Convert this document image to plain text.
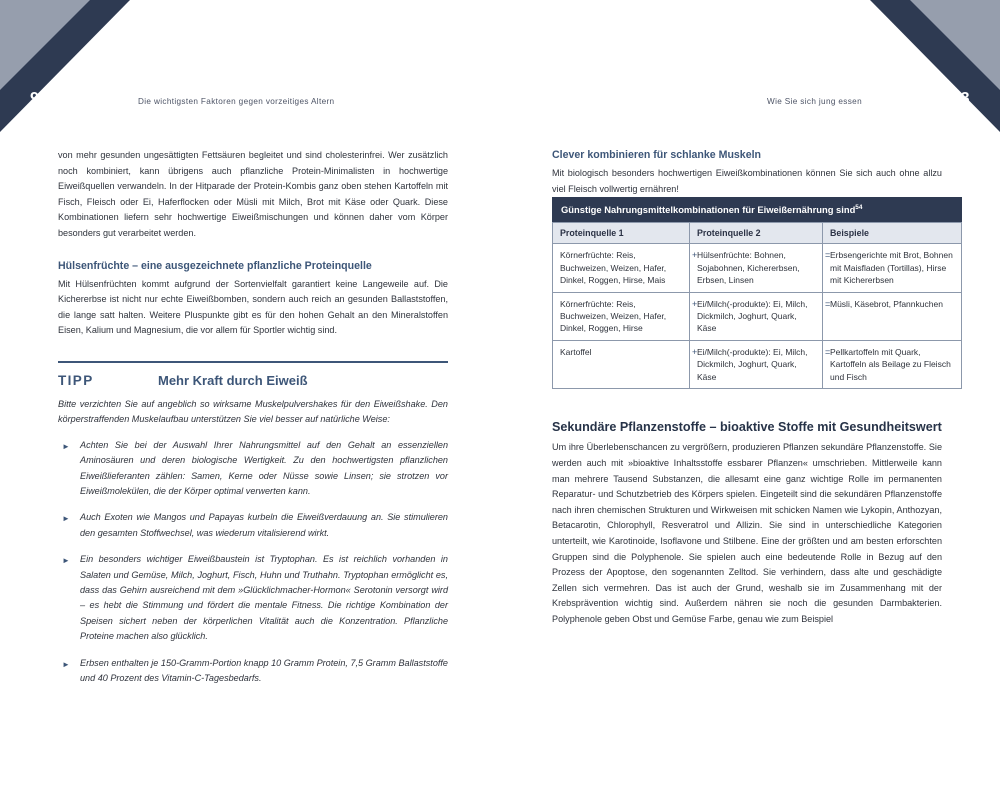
92	93
Die wichtigsten Faktoren gegen vorzeitiges Altern	Wie Sie sich jung essen

von mehr gesunden ungesättigten Fettsäuren begleitet und sind cholesterinfrei. Wer zusätzlich noch kombiniert, kann übrigens auch pflanzliche Protein-Minimalisten in hochwertige Eiweißquellen verwandeln. In der Hitparade der Protein-Kombis ganz oben stehen Kartoffeln mit Fisch, Fleisch oder Ei, Haferflocken oder Müsli mit Milch, Brot mit Käse oder Quark. Diese Kombinationen liefern sehr hochwertige Eiweißmischungen und können daher vom Körper besonders gut verarbeitet werden.

Hülsenfrüchte – eine ausgezeichnete pflanzliche Proteinquelle

Mit Hülsenfrüchten kommt aufgrund der Sortenvielfalt garantiert keine Langeweile auf. Die Kichererbse ist nicht nur echte Eiweißbomben, sondern auch reich an gesunden Ballaststoffen, die lange satt halten. Weitere Pluspunkte gibt es für den hohen Gehalt an den Mineralstoffen Eisen, Kalium und Magnesium, die vor allem für Sportler wichtig sind.

TIPP	Mehr Kraft durch Eiweiß

Bitte verzichten Sie auf angeblich so wirksame Muskelpulvershakes für den Eiweißshake. Den körperstraffenden Muskelaufbau unterstützen Sie viel besser auf natürliche Weise:

► Achten Sie bei der Auswahl Ihrer Nahrungsmittel auf den Gehalt an essenziellen Aminosäuren und deren biologische Wertigkeit. Zu den hochwertigsten pflanzlichen Eiweißlieferanten zählen: Samen, Kerne oder Nüsse sowie Linsen; sie strotzen vor Eiweißmolekülen, die der Körper optimal verwerten kann.
► Auch Exoten wie Mangos und Papayas kurbeln die Eiweißverdauung an. Sie stimulieren den gesamten Stoffwechsel, was wiederum vitalisierend wirkt.
► Ein besonders wichtiger Eiweißbaustein ist Tryptophan. Es ist reichlich vorhanden in Salaten und Gemüse, Milch, Joghurt, Fisch, Huhn und Truthahn. Tryptophan ermöglicht es, dass das Gehirn ausreichend mit dem »Glücklichmacher-Hormon« Serotonin versorgt wird – es hebt die Stimmung und fördert die mentale Fitness. Die richtige Kombination der Speisen sichert neben der körperlichen Vitalität auch die Konzentration. Pflanzliche Proteine machen also glücklich.
► Erbsen enthalten je 150-Gramm-Portion knapp 10 Gramm Protein, 7,5 Gramm Ballaststoffe und 40 Prozent des Vitamin-C-Tagesbedarfs.
Clever kombinieren für schlanke Muskeln

Mit biologisch besonders hochwertigen Eiweißkombinationen können Sie sich auch ohne allzu viel Fleisch vollwertig ernähren!

Günstige Nahrungsmittelkombinationen für Eiweißernährung sind$^{54}$
Proteinquelle 1		Proteinquelle 2		Beispiele
Körnerfrüchte: Reis, Buchweizen, Weizen, Hafer, Dinkel, Roggen, Hirse, Mais	+	Hülsenfrüchte: Bohnen, Sojabohnen, Kichererbsen, Erbsen, Linsen	=	Erbsengerichte mit Brot, Bohnen mit Maisfladen (Tortillas), Hirse mit Kichererbsen
Körnerfrüchte: Reis, Buchweizen, Weizen, Hafer, Dinkel, Roggen, Hirse	+	Ei/Milch(-produkte): Ei, Milch, Dickmilch, Joghurt, Quark, Käse	=	Müsli, Käsebrot, Pfannkuchen
Kartoffel	+	Ei/Milch(-produkte): Ei, Milch, Dickmilch, Joghurt, Quark, Käse	=	Pellkartoffeln mit Quark, Kartoffeln als Beilage zu Fleisch und Fisch
Sekundäre Pflanzenstoffe – bioaktive Stoffe mit Gesundheitswert

Um ihre Überlebenschancen zu vergrößern, produzieren Pflanzen sekundäre Pflanzenstoffe. Sie werden auch mit »bioaktive Inhaltsstoffe essbarer Pflanzen« umschrieben. Mittlerweile kann man mehrere Tausend Substanzen, die allesamt eine ganz wichtige Rolle im permanenten Reparatur- und Schutzbetrieb des Körpers spielen. Eingeteilt sind die sekundären Pflanzenstoffe nach ihren chemischen Strukturen und Wirkweisen mit schicken Namen wie Lykopin, Anthozyan, Betacarotin, Chlorophyll, Resveratrol und Allizin. Sie sind in unterschiedliche Kategorien unterteilt, wie Karotinoide, Isoflavone und Stilbene. Eine der größten und am besten erforschten Gruppen sind die Polyphenole. Sie spielen auch eine bedeutende Rolle in Bezug auf den Prozess der Apoptose, den sogenannten Zelltod. Sie verhindern, dass alte und geschädigte Zellen sich vermehren. Das ist auch der Grund, weshalb sie im Zusammenhang mit der Krebsprävention wichtig sind. Außerdem nähren sie noch die gesunden Darmbakterien. Polyphenole geben Obst und Gemüse Farbe, genau wie zum Beispiel
